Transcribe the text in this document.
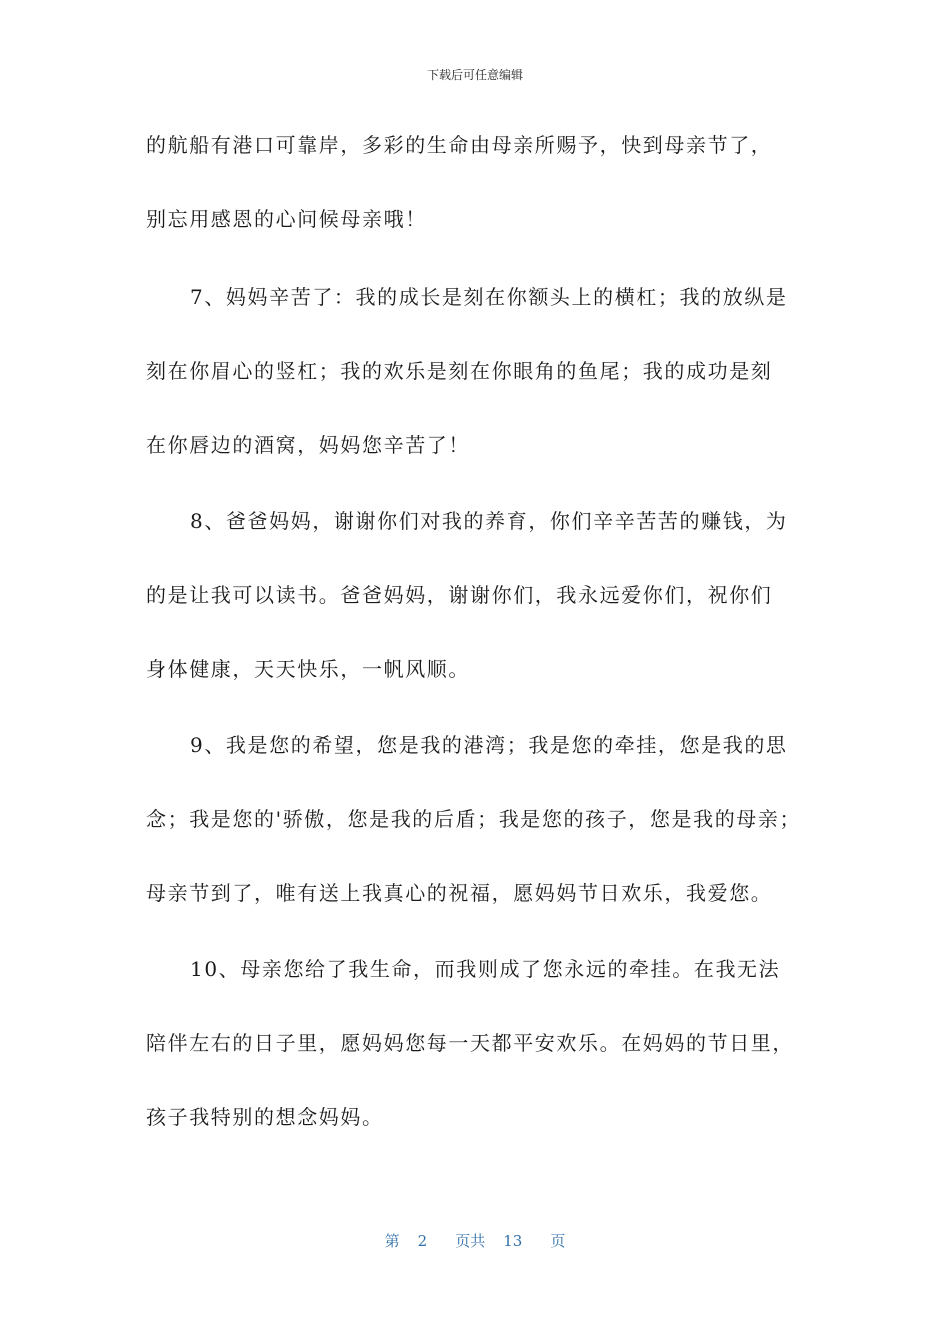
下载后可任意编辑
的航船有港口可靠岸，多彩的生命由母亲所赐予，快到母亲节了，
别忘用感恩的心问候母亲哦！
7、妈妈辛苦了：我的成长是刻在你额头上的横杠；我的放纵是
刻在你眉心的竖杠；我的欢乐是刻在你眼角的鱼尾；我的成功是刻
在你唇边的酒窝，妈妈您辛苦了！
8、爸爸妈妈，谢谢你们对我的养育，你们辛辛苦苦的赚钱，为
的是让我可以读书。爸爸妈妈，谢谢你们，我永远爱你们，祝你们
身体健康，天天快乐，一帆风顺。
9、我是您的希望，您是我的港湾；我是您的牵挂，您是我的思
念；我是您的'骄傲，您是我的后盾；我是您的孩子，您是我的母亲；
母亲节到了，唯有送上我真心的祝福，愿妈妈节日欢乐，我爱您。
10、母亲您给了我生命，而我则成了您永远的牵挂。在我无法
陪伴左右的日子里，愿妈妈您每一天都平安欢乐。在妈妈的节日里，
孩子我特别的想念妈妈。
第 2 页共 13 页
